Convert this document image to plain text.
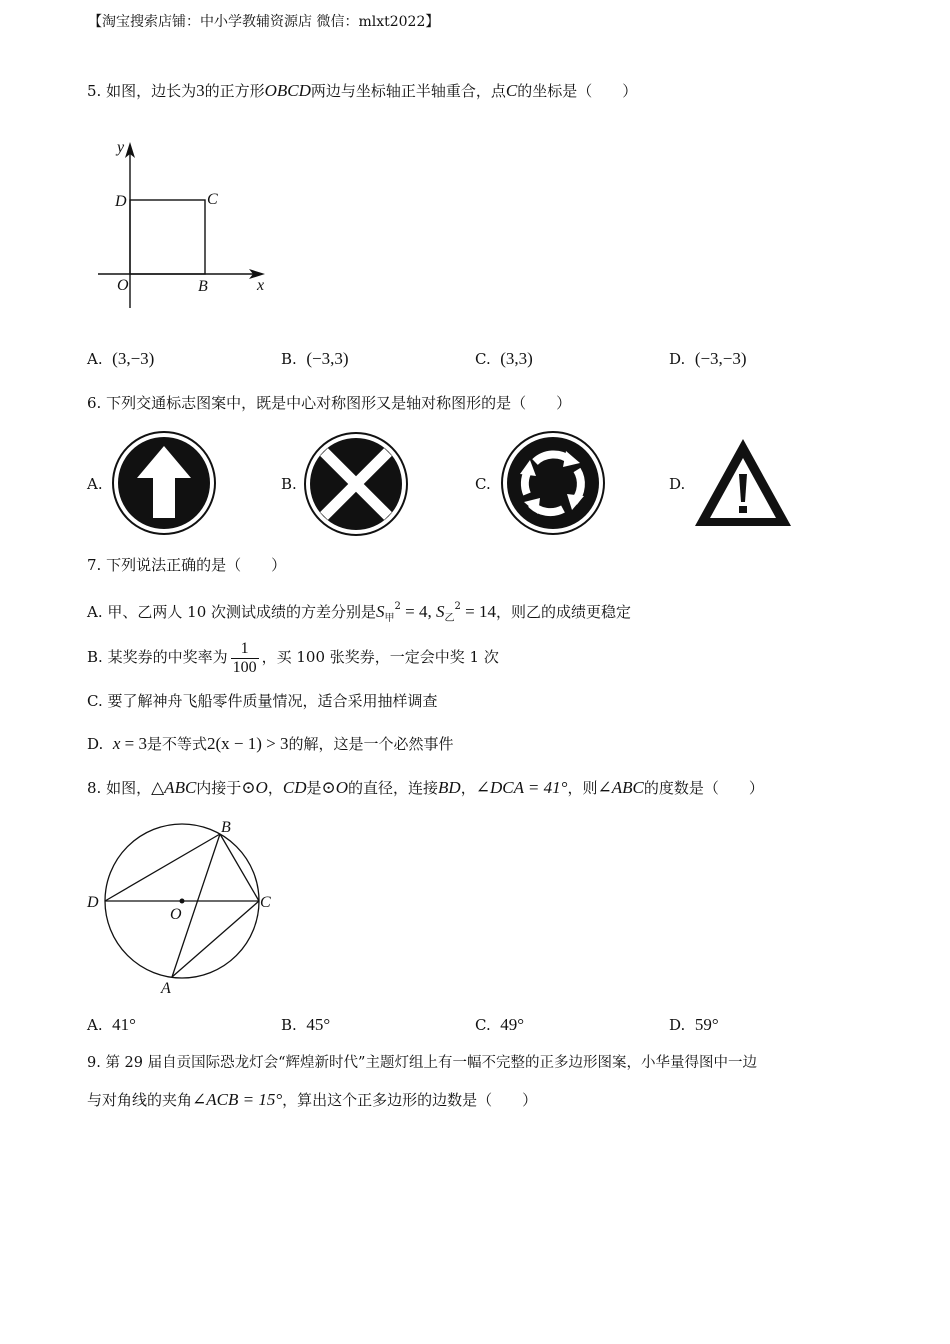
【淘宝搜索店铺：中小学教辅资源店 微信：mlxt2022】
5. 如图，边长为3的正方形OBCD两边与坐标轴正半轴重合，点C的坐标是（　　）
y
x
D	C
O	B
A. (3,−3)	B. (−3,3)	C. (3,3)	D. (−3,−3)
6. 下列交通标志图案中，既是中心对称图形又是轴对称图形的是（　　）
A.	B.	C.	D.
7. 下列说法正确的是（　　）
A. 甲、乙两人 10 次测试成绩的方差分别是$S_甲^2 = 4$, $S_乙^2 = 14$，则乙的成绩更稳定
B. 某奖券的中奖率为 $\frac{1}{100}$ ，买 100 张奖券，一定会中奖 1 次
C. 要了解神舟飞船零件质量情况，适合采用抽样调查
D. x = 3是不等式2(x − 1) > 3的解，这是一个必然事件
8. 如图，△ABC内接于⊙O，CD是⊙O的直径，连接BD，∠DCA = 41°，则∠ABC的度数是（　　）
B
D
O
C
A
A. 41°	B. 45°	C. 49°	D. 59°
9. 第 29 届自贡国际恐龙灯会“辉煌新时代”主题灯组上有一幅不完整的正多边形图案，小华量得图中一边
与对角线的夹角∠ACB = 15°，算出这个正多边形的边数是（　　）
